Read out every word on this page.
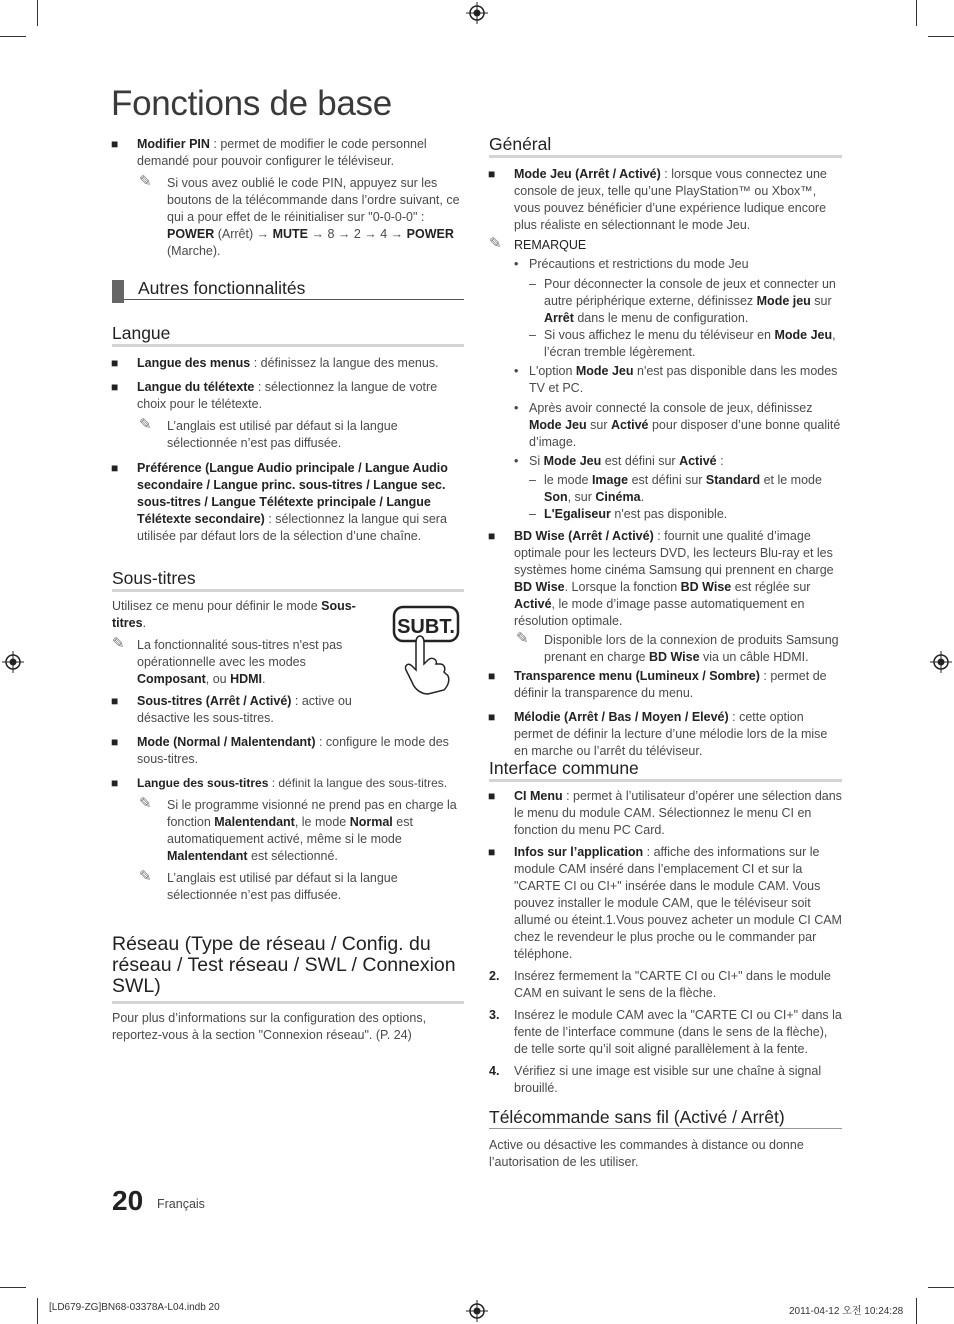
Fonctions de base
■ Modifier PIN : permet de modifier le code personnel demandé pour pouvoir configurer le téléviseur.
✎ Si vous avez oublié le code PIN, appuyez sur les boutons de la télécommande dans l’ordre suivant, ce qui a pour effet de le réinitialiser sur "0-0-0-0" : POWER (Arrêt) → MUTE → 8 → 2 → 4 → POWER (Marche).
Autres fonctionnalités
Langue
■ Langue des menus : définissez la langue des menus.
■ Langue du télétexte : sélectionnez la langue de votre choix pour le télétexte.
✎ L’anglais est utilisé par défaut si la langue sélectionnée n’est pas diffusée.
■ Préférence (Langue Audio principale / Langue Audio secondaire / Langue princ. sous-titres / Langue sec. sous-titres / Langue Télétexte principale / Langue Télétexte secondaire) : sélectionnez la langue qui sera utilisée par défaut lors de la sélection d’une chaîne.
Sous-titres
Utilisez ce menu pour définir le mode Sous-titres.
✎ La fonctionnalité sous-titres n'est pas opérationnelle avec les modes Composant, ou HDMI.
SUBT.
■ Sous-titres (Arrêt / Activé) : active ou désactive les sous-titres.
■ Mode (Normal / Malentendant) : configure le mode des sous-titres.
■ Langue des sous-titres : définit la langue des sous-titres.
✎ Si le programme visionné ne prend pas en charge la fonction Malentendant, le mode Normal est automatiquement activé, même si le mode Malentendant est sélectionné.
✎ L’anglais est utilisé par défaut si la langue sélectionnée n’est pas diffusée.
Réseau (Type de réseau / Config. du réseau / Test réseau / SWL / Connexion SWL)
Pour plus d’informations sur la configuration des options, reportez-vous à la section "Connexion réseau". (P. 24)
Général
■ Mode Jeu (Arrêt / Activé) : lorsque vous connectez une console de jeux, telle qu’une PlayStation™ ou Xbox™, vous pouvez bénéficier d’une expérience ludique encore plus réaliste en sélectionnant le mode Jeu.
✎ REMARQUE
• Précautions et restrictions du mode Jeu
– Pour déconnecter la console de jeux et connecter un autre périphérique externe, définissez Mode jeu sur Arrêt dans le menu de configuration.
– Si vous affichez le menu du téléviseur en Mode Jeu, l’écran tremble légèrement.
• L'option Mode Jeu n'est pas disponible dans les modes TV et PC.
• Après avoir connecté la console de jeux, définissez Mode Jeu sur Activé pour disposer d’une bonne qualité d’image.
• Si Mode Jeu est défini sur Activé :
– le mode Image est défini sur Standard et le mode Son, sur Cinéma.
– L'Egaliseur n'est pas disponible.
■ BD Wise (Arrêt / Activé) : fournit une qualité d’image optimale pour les lecteurs DVD, les lecteurs Blu-ray et les systèmes home cinéma Samsung qui prennent en charge BD Wise. Lorsque la fonction BD Wise est réglée sur Activé, le mode d’image passe automatiquement en résolution optimale.
✎ Disponible lors de la connexion de produits Samsung prenant en charge BD Wise via un câble HDMI.
■ Transparence menu (Lumineux / Sombre) : permet de définir la transparence du menu.
■ Mélodie (Arrêt / Bas / Moyen / Elevé) : cette option permet de définir la lecture d’une mélodie lors de la mise en marche ou l’arrêt du téléviseur.
Interface commune
■ CI Menu : permet à l’utilisateur d’opérer une sélection dans le menu du module CAM. Sélectionnez le menu CI en fonction du menu PC Card.
■ Infos sur l’application : affiche des informations sur le module CAM inséré dans l’emplacement CI et sur la "CARTE CI ou CI+" insérée dans le module CAM. Vous pouvez installer le module CAM, que le téléviseur soit allumé ou éteint.1.Vous pouvez acheter un module CI CAM chez le revendeur le plus proche ou le commander par téléphone.
2. Insérez fermement la "CARTE CI ou CI+" dans le module CAM en suivant le sens de la flèche.
3. Insérez le module CAM avec la "CARTE CI ou CI+" dans la fente de l’interface commune (dans le sens de la flèche), de telle sorte qu’il soit aligné parallèlement à la fente.
4. Vérifiez si une image est visible sur une chaîne à signal brouillé.
Télécommande sans fil (Activé / Arrêt)
Active ou désactive les commandes à distance ou donne l’autorisation de les utiliser.
20 Français
[LD679-ZG]BN68-03378A-L04.indb 20	2011-04-12 오전 10:24:28
